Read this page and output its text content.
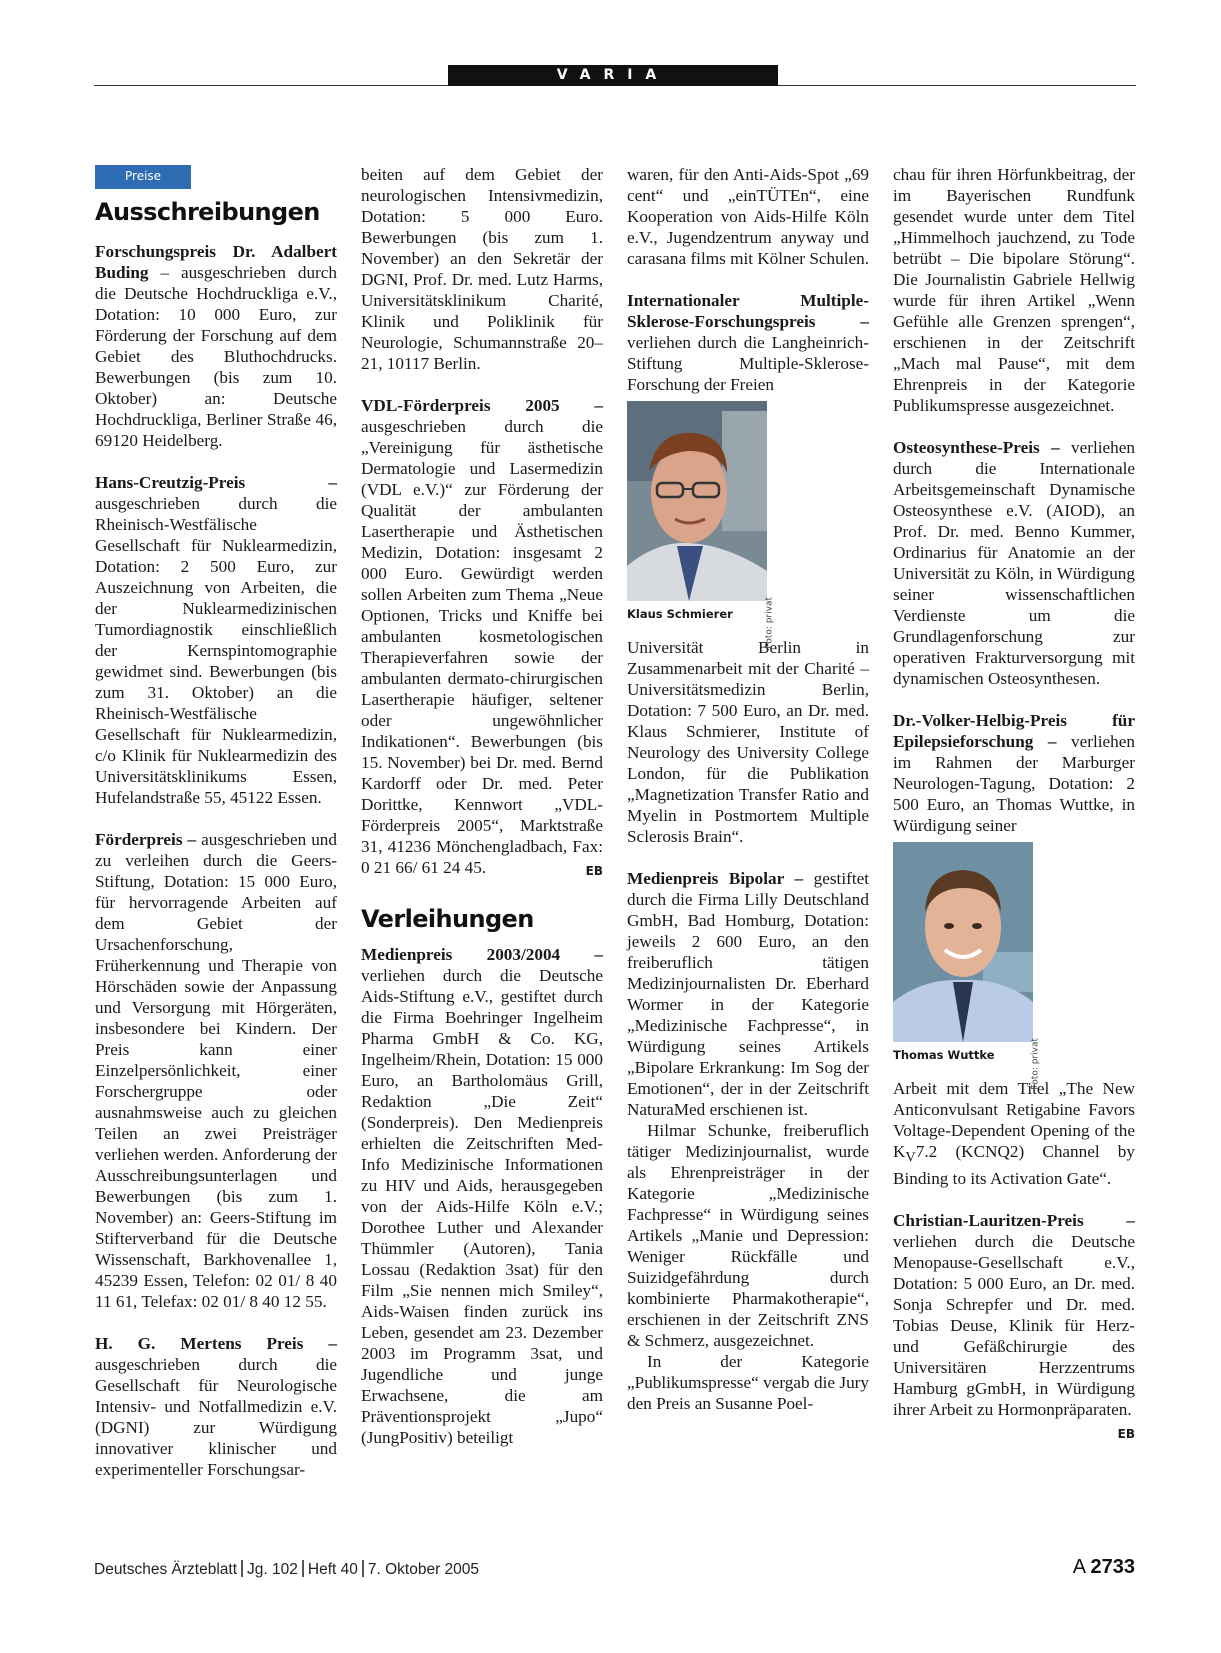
VARIA
Preise
Ausschreibungen

Forschungspreis Dr. Adalbert Buding – ausgeschrieben durch die Deutsche Hochdruckliga e.V., Dotation: 10 000 Euro, zur Förderung der Forschung auf dem Gebiet des Bluthochdrucks. Bewerbungen (bis zum 10. Oktober) an: Deutsche Hochdruckliga, Berliner Straße 46, 69120 Heidelberg.

Hans-Creutzig-Preis – ausgeschrieben durch die Rheinisch-Westfälische Gesellschaft für Nuklearmedizin, Dotation: 2 500 Euro, zur Auszeichnung von Arbeiten, die der Nuklearmedizinischen Tumordiagnostik einschließlich der Kernspintomographie gewidmet sind. Bewerbungen (bis zum 31. Oktober) an die Rheinisch-Westfälische Gesellschaft für Nuklearmedizin, c/o Klinik für Nuklearmedizin des Universitätsklinikums Essen, Hufelandstraße 55, 45122 Essen.

Förderpreis – ausgeschrieben und zu verleihen durch die Geers-Stiftung, Dotation: 15 000 Euro, für hervorragende Arbeiten auf dem Gebiet der Ursachenforschung, Früherkennung und Therapie von Hörschäden sowie der Anpassung und Versorgung mit Hörgeräten, insbesondere bei Kindern. Der Preis kann einer Einzelpersönlichkeit, einer Forschergruppe oder ausnahmsweise auch zu gleichen Teilen an zwei Preisträger verliehen werden. Anforderung der Ausschreibungsunterlagen und Bewerbungen (bis zum 1. November) an: Geers-Stiftung im Stifterverband für die Deutsche Wissenschaft, Barkhovenallee 1, 45239 Essen, Telefon: 02 01/ 8 40 11 61, Telefax: 02 01/ 8 40 12 55.

H. G. Mertens Preis – ausgeschrieben durch die Gesellschaft für Neurologische Intensiv- und Notfallmedizin e.V. (DGNI) zur Würdigung innovativer klinischer und experimenteller Forschungsar-

beiten auf dem Gebiet der neurologischen Intensivmedizin, Dotation: 5 000 Euro. Bewerbungen (bis zum 1. November) an den Sekretär der DGNI, Prof. Dr. med. Lutz Harms, Universitätsklinikum Charité, Klinik und Poliklinik für Neurologie, Schumannstraße 20–21, 10117 Berlin.

VDL-Förderpreis 2005 – ausgeschrieben durch die „Vereinigung für ästhetische Dermatologie und Lasermedizin (VDL e.V.)“ zur Förderung der Qualität der ambulanten Lasertherapie und Ästhetischen Medizin, Dotation: insgesamt 2 000 Euro. Gewürdigt werden sollen Arbeiten zum Thema „Neue Optionen, Tricks und Kniffe bei ambulanten kosmetologischen Therapieverfahren sowie der ambulanten dermato-chirurgischen Lasertherapie häufiger, seltener oder ungewöhnlicher Indikationen“. Bewerbungen (bis 15. November) bei Dr. med. Bernd Kardorff oder Dr. med. Peter Dorittke, Kennwort „VDL-Förderpreis 2005“, Marktstraße 31, 41236 Mönchengladbach, Fax: 0 21 66/ 61 24 45.	EB

Verleihungen

Medienpreis 2003/2004 – verliehen durch die Deutsche Aids-Stiftung e.V., gestiftet durch die Firma Boehringer Ingelheim Pharma GmbH & Co. KG, Ingelheim/Rhein, Dotation: 15 000 Euro, an Bartholomäus Grill, Redaktion „Die Zeit“ (Sonderpreis). Den Medienpreis erhielten die Zeitschriften Med-Info Medizinische Informationen zu HIV und Aids, herausgegeben von der Aids-Hilfe Köln e.V.; Dorothee Luther und Alexander Thümmler (Autoren), Tania Lossau (Redaktion 3sat) für den Film „Sie nennen mich Smiley“, Aids-Waisen finden zurück ins Leben, gesendet am 23. Dezember 2003 im Programm 3sat, und Jugendliche und junge Erwachsene, die am Präventionsprojekt „Jupo“ (JungPositiv) beteiligt

waren, für den Anti-Aids-Spot „69 cent“ und „einTÜTEn“, eine Kooperation von Aids-Hilfe Köln e.V., Jugendzentrum anyway und carasana films mit Kölner Schulen.

Internationaler Multiple-Sklerose-Forschungspreis – verliehen durch die Langheinrich-Stiftung Multiple-Sklerose-Forschung der Freien

Foto: privat
Klaus Schmierer

Universität Berlin in Zusammenarbeit mit der Charité – Universitätsmedizin Berlin, Dotation: 7 500 Euro, an Dr. med. Klaus Schmierer, Institute of Neurology des University College London, für die Publikation „Magnetization Transfer Ratio and Myelin in Postmortem Multiple Sclerosis Brain“.

Medienpreis Bipolar – gestiftet durch die Firma Lilly Deutschland GmbH, Bad Homburg, Dotation: jeweils 2 600 Euro, an den freiberuflich tätigen Medizinjournalisten Dr. Eberhard Wormer in der Kategorie „Medizinische Fachpresse“, in Würdigung seines Artikels „Bipolare Erkrankung: Im Sog der Emotionen“, der in der Zeitschrift NaturaMed erschienen ist.

Hilmar Schunke, freiberuflich tätiger Medizinjournalist, wurde als Ehrenpreisträger in der Kategorie „Medizinische Fachpresse“ in Würdigung seines Artikels „Manie und Depression: Weniger Rückfälle und Suizidgefährdung durch kombinierte Pharmakotherapie“, erschienen in der Zeitschrift ZNS & Schmerz, ausgezeichnet.

In der Kategorie „Publikumspresse“ vergab die Jury den Preis an Susanne Poel-

chau für ihren Hörfunkbeitrag, der im Bayerischen Rundfunk gesendet wurde unter dem Titel „Himmelhoch jauchzend, zu Tode betrübt – Die bipolare Störung“. Die Journalistin Gabriele Hellwig wurde für ihren Artikel „Wenn Gefühle alle Grenzen sprengen“, erschienen in der Zeitschrift „Mach mal Pause“, mit dem Ehrenpreis in der Kategorie Publikumspresse ausgezeichnet.

Osteosynthese-Preis – verliehen durch die Internationale Arbeitsgemeinschaft Dynamische Osteosynthese e.V. (AIOD), an Prof. Dr. med. Benno Kummer, Ordinarius für Anatomie an der Universität zu Köln, in Würdigung seiner wissenschaftlichen Verdienste um die Grundlagenforschung zur operativen Frakturversorgung mit dynamischen Osteosynthesen.

Dr.-Volker-Helbig-Preis für Epilepsieforschung – verliehen im Rahmen der Marburger Neurologen-Tagung, Dotation: 2 500 Euro, an Thomas Wuttke, in Würdigung seiner

Foto: privat
Thomas Wuttke

Arbeit mit dem Titel „The New Anticonvulsant Retigabine Favors Voltage-Dependent Opening of the $K_V7.2$ (KCNQ2) Channel by Binding to its Activation Gate“.

Christian-Lauritzen-Preis – verliehen durch die Deutsche Menopause-Gesellschaft e.V., Dotation: 5 000 Euro, an Dr. med. Sonja Schrepfer und Dr. med. Tobias Deuse, Klinik für Herz- und Gefäßchirurgie des Universitären Herzzentrums Hamburg gGmbH, in Würdigung ihrer Arbeit zu Hormonpräparaten.
EB

Deutsches Ärzteblatt Jg. 102 Heft 40 7. Oktober 2005	A 2733
